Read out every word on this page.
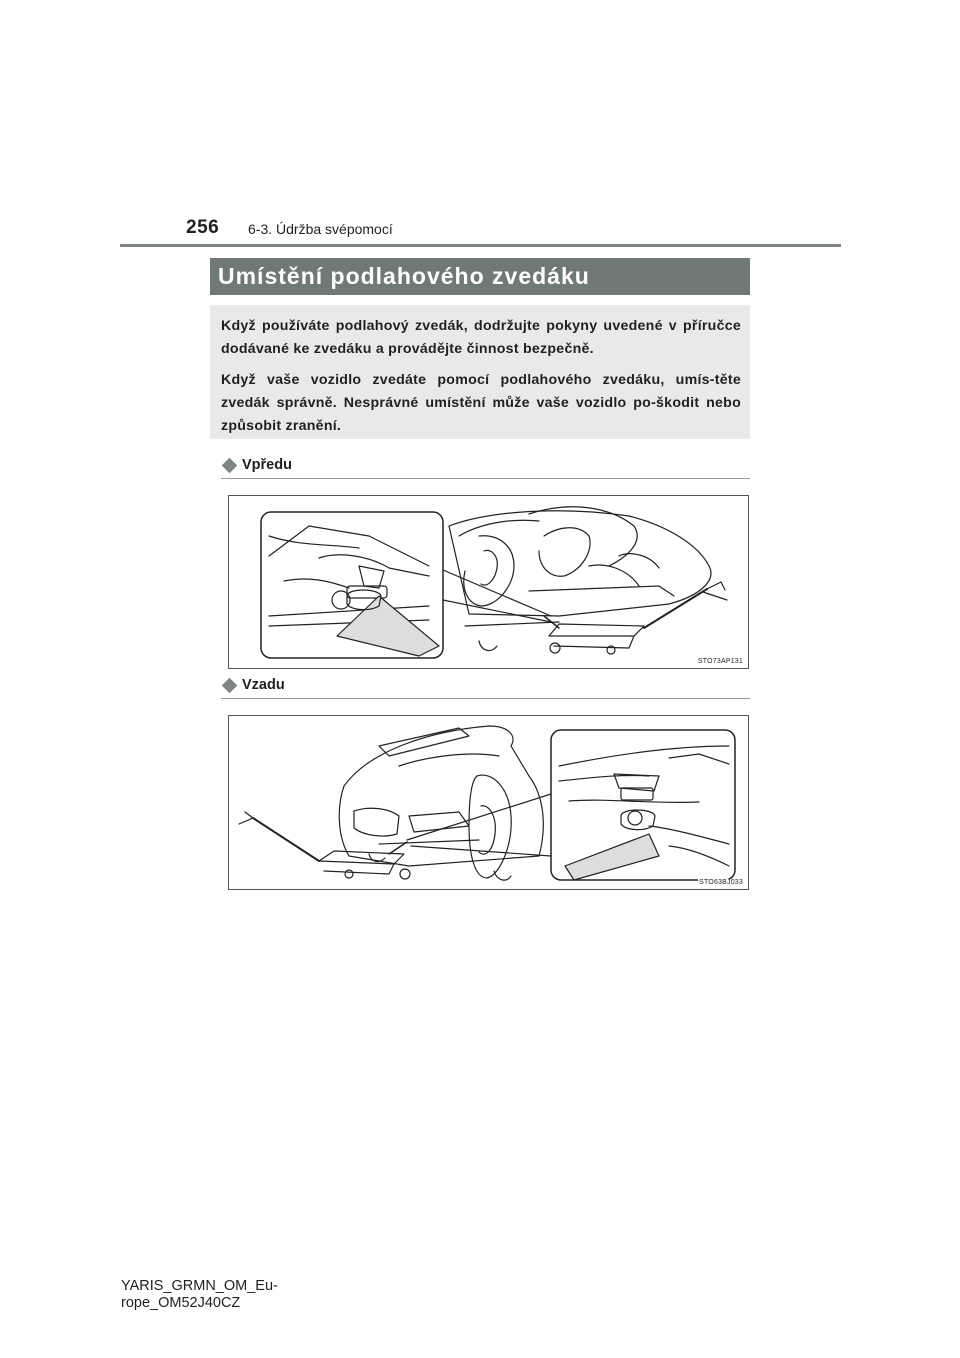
256 6-3. Údržba svépomocí
Umístění podlahového zvedáku

Když používáte podlahový zvedák, dodržujte pokyny uvedené v příručce dodávané ke zvedáku a provádějte činnost bezpečně.

Když vaše vozidlo zvedáte pomocí podlahového zvedáku, umís-těte zvedák správně. Nesprávné umístění může vaše vozidlo po-škodit nebo způsobit zranění.

Vpředu
STO73AP131
Vzadu
STO63BJ033
YARIS_GRMN_OM_Eu-
rope_OM52J40CZ
